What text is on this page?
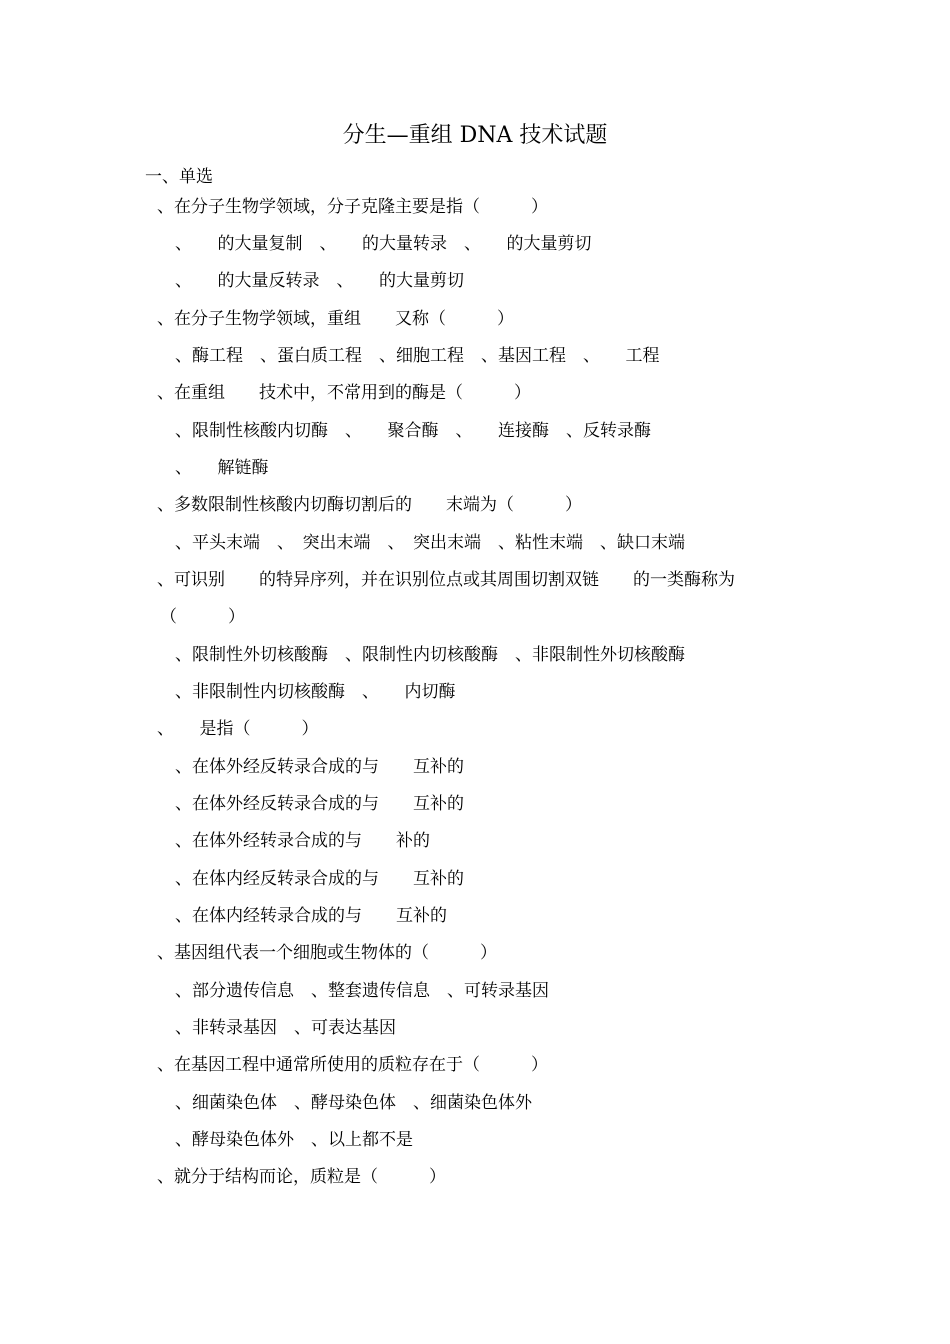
分生—重组 DNA 技术试题
一、单选
、在分子生物学领域，分子克隆主要是指（　　　）
、　　的大量复制　、　　的大量转录　、　　的大量剪切
、　　的大量反转录　、　　的大量剪切
、在分子生物学领域，重组　　又称（　　　）
、酶工程　、蛋白质工程　、细胞工程　、基因工程　、　　工程
、在重组　　技术中，不常用到的酶是（　　　）
、限制性核酸内切酶　、　　聚合酶　、　　连接酶　、反转录酶
、　　解链酶
、多数限制性核酸内切酶切割后的　　末端为（　　　）
、平头末端　、　突出末端　、　突出末端　、粘性末端　、缺口末端
、可识别　　的特异序列，并在识别位点或其周围切割双链　　的一类酶称为
（　　　）
、限制性外切核酸酶　、限制性内切核酸酶　、非限制性外切核酸酶
、非限制性内切核酸酶　、　　内切酶
、　　是指（　　　）
、在体外经反转录合成的与　　互补的
、在体外经反转录合成的与　　互补的
、在体外经转录合成的与　　补的
、在体内经反转录合成的与　　互补的
、在体内经转录合成的与　　互补的
、基因组代表一个细胞或生物体的（　　　）
、部分遗传信息　、整套遗传信息　、可转录基因
、非转录基因　、可表达基因
、在基因工程中通常所使用的质粒存在于（　　　）
、细菌染色体　、酵母染色体　、细菌染色体外
、酵母染色体外　、以上都不是
、就分于结构而论，质粒是（　　　）
